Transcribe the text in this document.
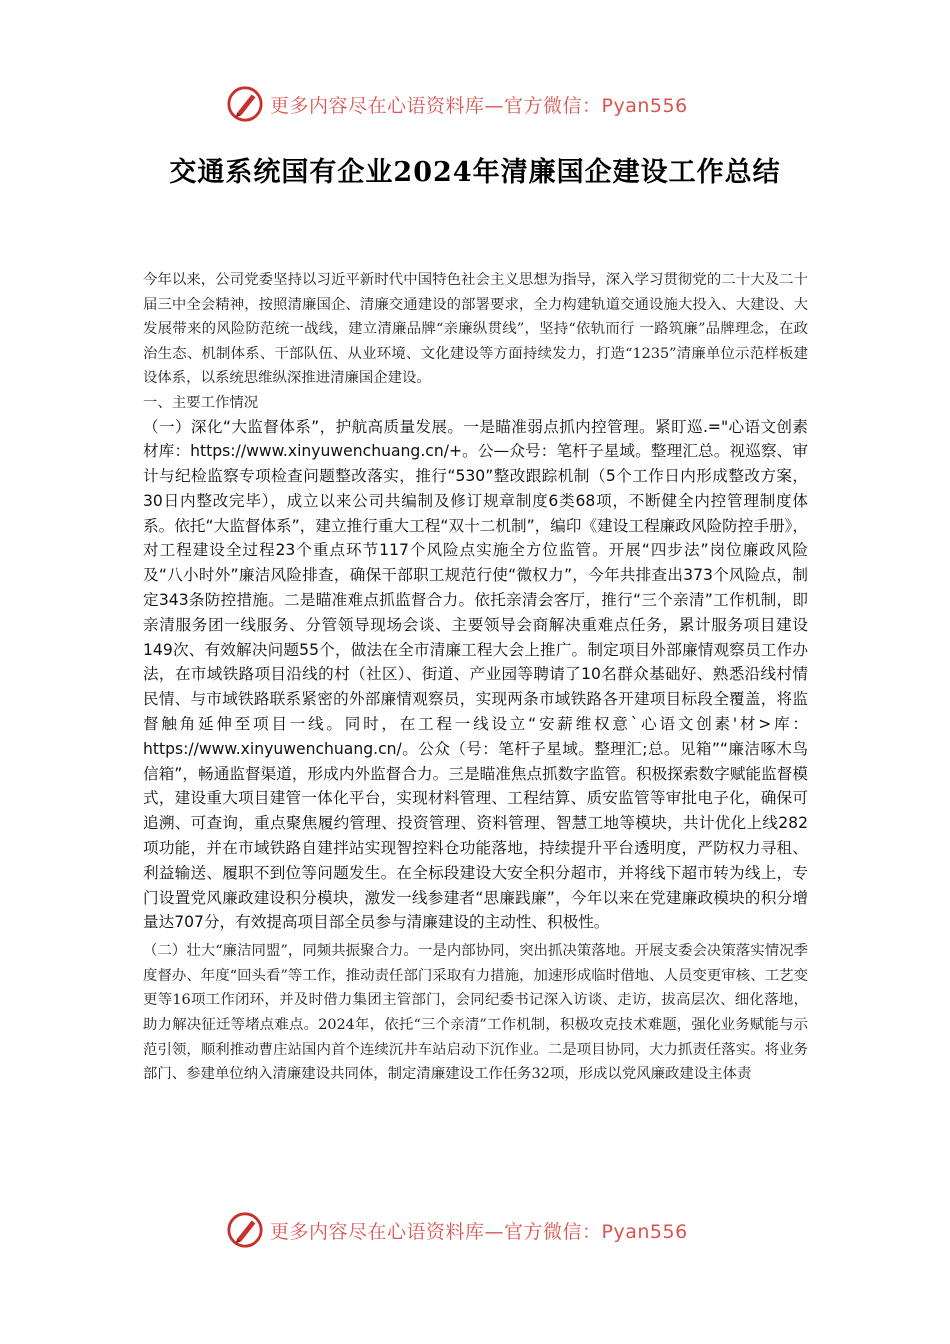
更多内容尽在心语资料库—官方微信：Pyan556
交通系统国有企业2024年清廉国企建设工作总结

今年以来，公司党委坚持以习近平新时代中国特色社会主义思想为指导，深入学习贯彻党的二十大及二十届三中全会精神，按照清廉国企、清廉交通建设的部署要求，全力构建轨道交通设施大投入、大建设、大发展带来的风险防范统一战线，建立清廉品牌“亲廉纵贯线”，坚持“依轨而行 一路筑廉”品牌理念，在政治生态、机制体系、干部队伍、从业环境、文化建设等方面持续发力，打造“1235”清廉单位示范样板建设体系，以系统思维纵深推进清廉国企建设。

一、主要工作情况

（一）深化“大监督体系”，护航高质量发展。一是瞄准弱点抓内控管理。紧盯巡.="心语文创素材库：https://www.xinyuwenchuang.cn/+。公—众号：笔杆子星域。整理汇总。视巡察、审计与纪检监察专项检查问题整改落实，推行“530”整改跟踪机制（5个工作日内形成整改方案，30日内整改完毕），成立以来公司共编制及修订规章制度6类68项，不断健全内控管理制度体系。依托“大监督体系”，建立推行重大工程“双十二机制”，编印《建设工程廉政风险防控手册》，对工程建设全过程23个重点环节117个风险点实施全方位监管。开展“四步法”岗位廉政风险及“八小时外”廉洁风险排查，确保干部职工规范行使“微权力”，今年共排查出373个风险点，制定343条防控措施。二是瞄准难点抓监督合力。依托亲清会客厅，推行“三个亲清”工作机制，即亲清服务团一线服务、分管领导现场会谈、主要领导会商解决重难点任务，累计服务项目建设149次、有效解决问题55个，做法在全市清廉工程大会上推广。制定项目外部廉情观察员工作办法，在市域铁路项目沿线的村（社区）、街道、产业园等聘请了10名群众基础好、熟悉沿线村情民情、与市域铁路联系紧密的外部廉情观察员，实现两条市域铁路各开建项目标段全覆盖，将监督触角延伸至项目一线。同时，在工程一线设立“安薪维权意`心语文创素'材>库：https://www.xinyuwenchuang.cn/。公众（号：笔杆子星域。整理汇;总。见箱”“廉洁啄木鸟信箱”，畅通监督渠道，形成内外监督合力。三是瞄准焦点抓数字监管。积极探索数字赋能监督模式，建设重大项目建管一体化平台，实现材料管理、工程结算、质安监管等审批电子化，确保可追溯、可查询，重点聚焦履约管理、投资管理、资料管理、智慧工地等模块，共计优化上线282项功能，并在市域铁路自建拌站实现智控料仓功能落地，持续提升平台透明度，严防权力寻租、利益输送、履职不到位等问题发生。在全标段建设大安全积分超市，并将线下超市转为线上，专门设置党风廉政建设积分模块，激发一线参建者“思廉践廉”，今年以来在党建廉政模块的积分增量达707分，有效提高项目部全员参与清廉建设的主动性、积极性。

（二）壮大“廉洁同盟”，同频共振聚合力。一是内部协同，突出抓决策落地。开展支委会决策落实情况季度督办、年度“回头看”等工作，推动责任部门采取有力措施，加速形成临时借地、人员变更审核、工艺变更等16项工作闭环，并及时借力集团主管部门，会同纪委书记深入访谈、走访，拔高层次、细化落地，助力解决征迁等堵点难点。2024年，依托“三个亲清”工作机制，积极攻克技术难题，强化业务赋能与示范引领，顺利推动曹庄站国内首个连续沉井车站启动下沉作业。二是项目协同，大力抓责任落实。将业务部门、参建单位纳入清廉建设共同体，制定清廉建设工作任务32项，形成以党风廉政建设主体责

更多内容尽在心语资料库—官方微信：Pyan556
